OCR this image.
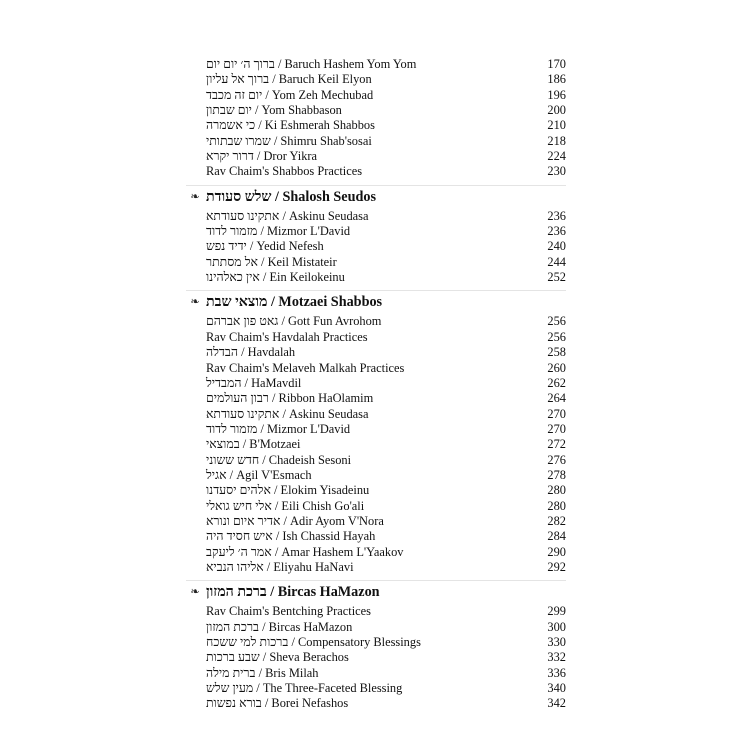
ברוך ה׳ יום יום / Baruch Hashem Yom Yom	170
ברוך אל עליון / Baruch Keil Elyon	186
יום זה מכבד / Yom Zeh Mechubad	196
יום שבתון / Yom Shabbason	200
כי אשמרה / Ki Eshmerah Shabbos	210
שמרו שבתותי / Shimru Shab'sosai	218
דרור יקרא / Dror Yikra	224
Rav Chaim's Shabbos Practices	230
❧ שלש סעודת / Shalosh Seudos
אתקינו סעודתא / Askinu Seudasa	236
מזמור לדוד / Mizmor L'David	236
ידיד נפש / Yedid Nefesh	240
אל מסתתר / Keil Mistateir	244
אין כאלהינו / Ein Keilokeinu	252
❧ מוצאי שבת / Motzaei Shabbos
גאט פון אברהם / Gott Fun Avrohom	256
Rav Chaim's Havdalah Practices	256
הבדלה / Havdalah	258
Rav Chaim's Melaveh Malkah Practices	260
המבדיל / HaMavdil	262
רבון העולמים / Ribbon HaOlamim	264
אתקינו סעודתא / Askinu Seudasa	270
מזמור לדוד / Mizmor L'David	270
במוצאי / B'Motzaei	272
חדש ששוני / Chadeish Sesoni	276
אגיל / Agil V'Esmach	278
אלהים יסעדנו / Elokim Yisadeinu	280
אלי חיש גואלי / Eili Chish Go'ali	280
אדיר איום ונורא / Adir Ayom V'Nora	282
איש חסיד היה / Ish Chassid Hayah	284
אמר ה׳ ליעקב / Amar Hashem L'Yaakov	290
אליהו הנביא / Eliyahu HaNavi	292
❧ ברכת המזון / Bircas HaMazon
Rav Chaim's Bentching Practices	299
ברכת המזון / Bircas HaMazon	300
ברכות למי ששכח / Compensatory Blessings	330
שבע ברכות / Sheva Berachos	332
ברית מילה / Bris Milah	336
מעין שלש / The Three-Faceted Blessing	340
בורא נפשות / Borei Nefashos	342
